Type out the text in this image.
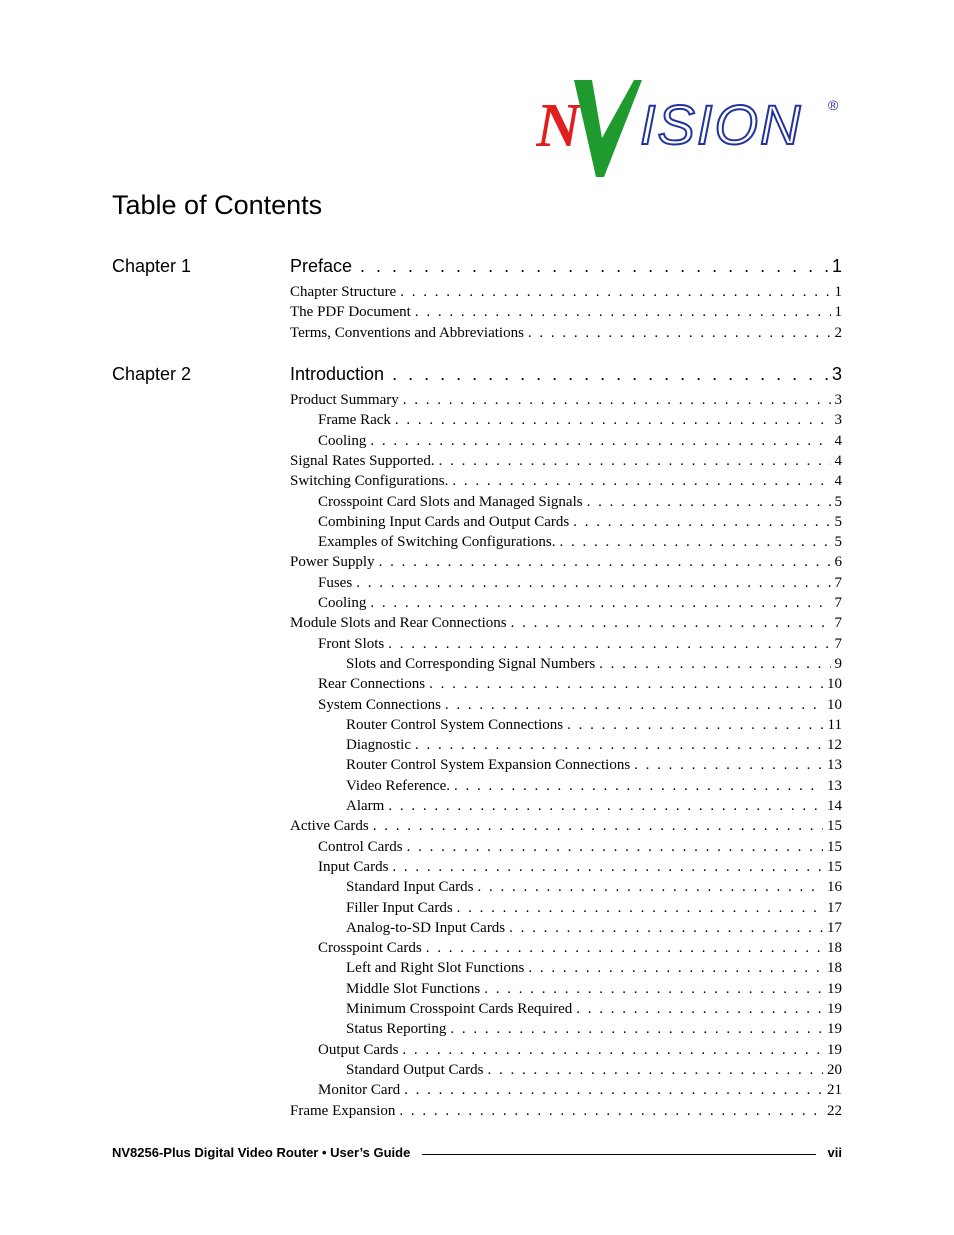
N ISION ®
Table of Contents
Chapter 1	Preface . . .	1
Chapter Structure . . .	1
The PDF Document . . .	1
Terms, Conventions and Abbreviations . . .	2
Chapter 2	Introduction . . .	3
Product Summary . . .	3
Frame Rack . . .	3
Cooling . . .	4
Signal Rates Supported. . . .	4
Switching Configurations. . . .	4
Crosspoint Card Slots and Managed Signals . . .	5
Combining Input Cards and Output Cards . . .	5
Examples of Switching Configurations. . . .	5
Power Supply . . .	6
Fuses . . .	7
Cooling . . .	7
Module Slots and Rear Connections . . .	7
Front Slots . . .	7
Slots and Corresponding Signal Numbers . . .	9
Rear Connections . . .	10
System Connections . . .	10
Router Control System Connections . . .	11
Diagnostic . . .	12
Router Control System Expansion Connections . . .	13
Video Reference. . . .	13
Alarm . . .	14
Active Cards . . .	15
Control Cards . . .	15
Input Cards . . .	15
Standard Input Cards . . .	16
Filler Input Cards . . .	17
Analog-to-SD Input Cards . . .	17
Crosspoint Cards . . .	18
Left and Right Slot Functions . . .	18
Middle Slot Functions . . .	19
Minimum Crosspoint Cards Required . . .	19
Status Reporting . . .	19
Output Cards . . .	19
Standard Output Cards . . .	20
Monitor Card . . .	21
Frame Expansion . . .	22
NV8256-Plus Digital Video Router • User’s Guide	vii
